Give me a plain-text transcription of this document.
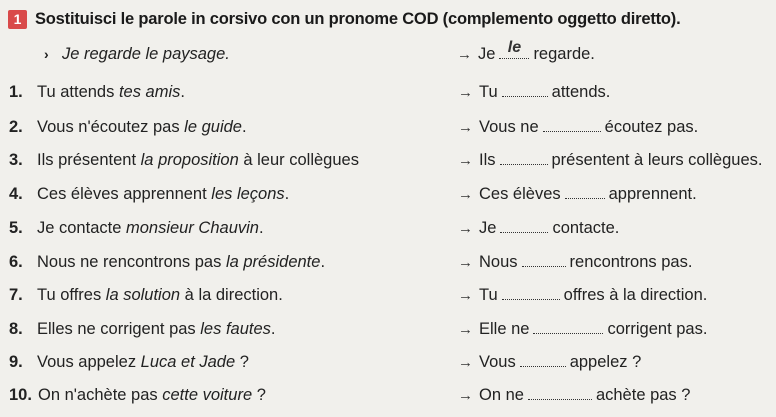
1 Sostituisci le parole in corsivo con un pronome COD (complemento oggetto diretto).
› Je regarde le paysage.	→ Je le regarde.
1. Tu attends tes amis.	→ Tu	attends.
2. Vous n'écoutez pas le guide.	→ Vous ne	écoutez pas.
3. Ils présentent la proposition à leur collègues	→ Ils	présentent à leurs collègues.
4. Ces élèves apprennent les leçons.	→ Ces élèves	apprennent.
5. Je contacte monsieur Chauvin.	→ Je	contacte.
6. Nous ne rencontrons pas la présidente.	→ Nous	rencontrons pas.
7. Tu offres la solution à la direction.	→ Tu	offres à la direction.
8. Elles ne corrigent pas les fautes.	→ Elle ne	corrigent pas.
9. Vous appelez Luca et Jade ?	→ Vous	appelez ?
10. On n'achète pas cette voiture ?	→ On ne	achète pas ?
